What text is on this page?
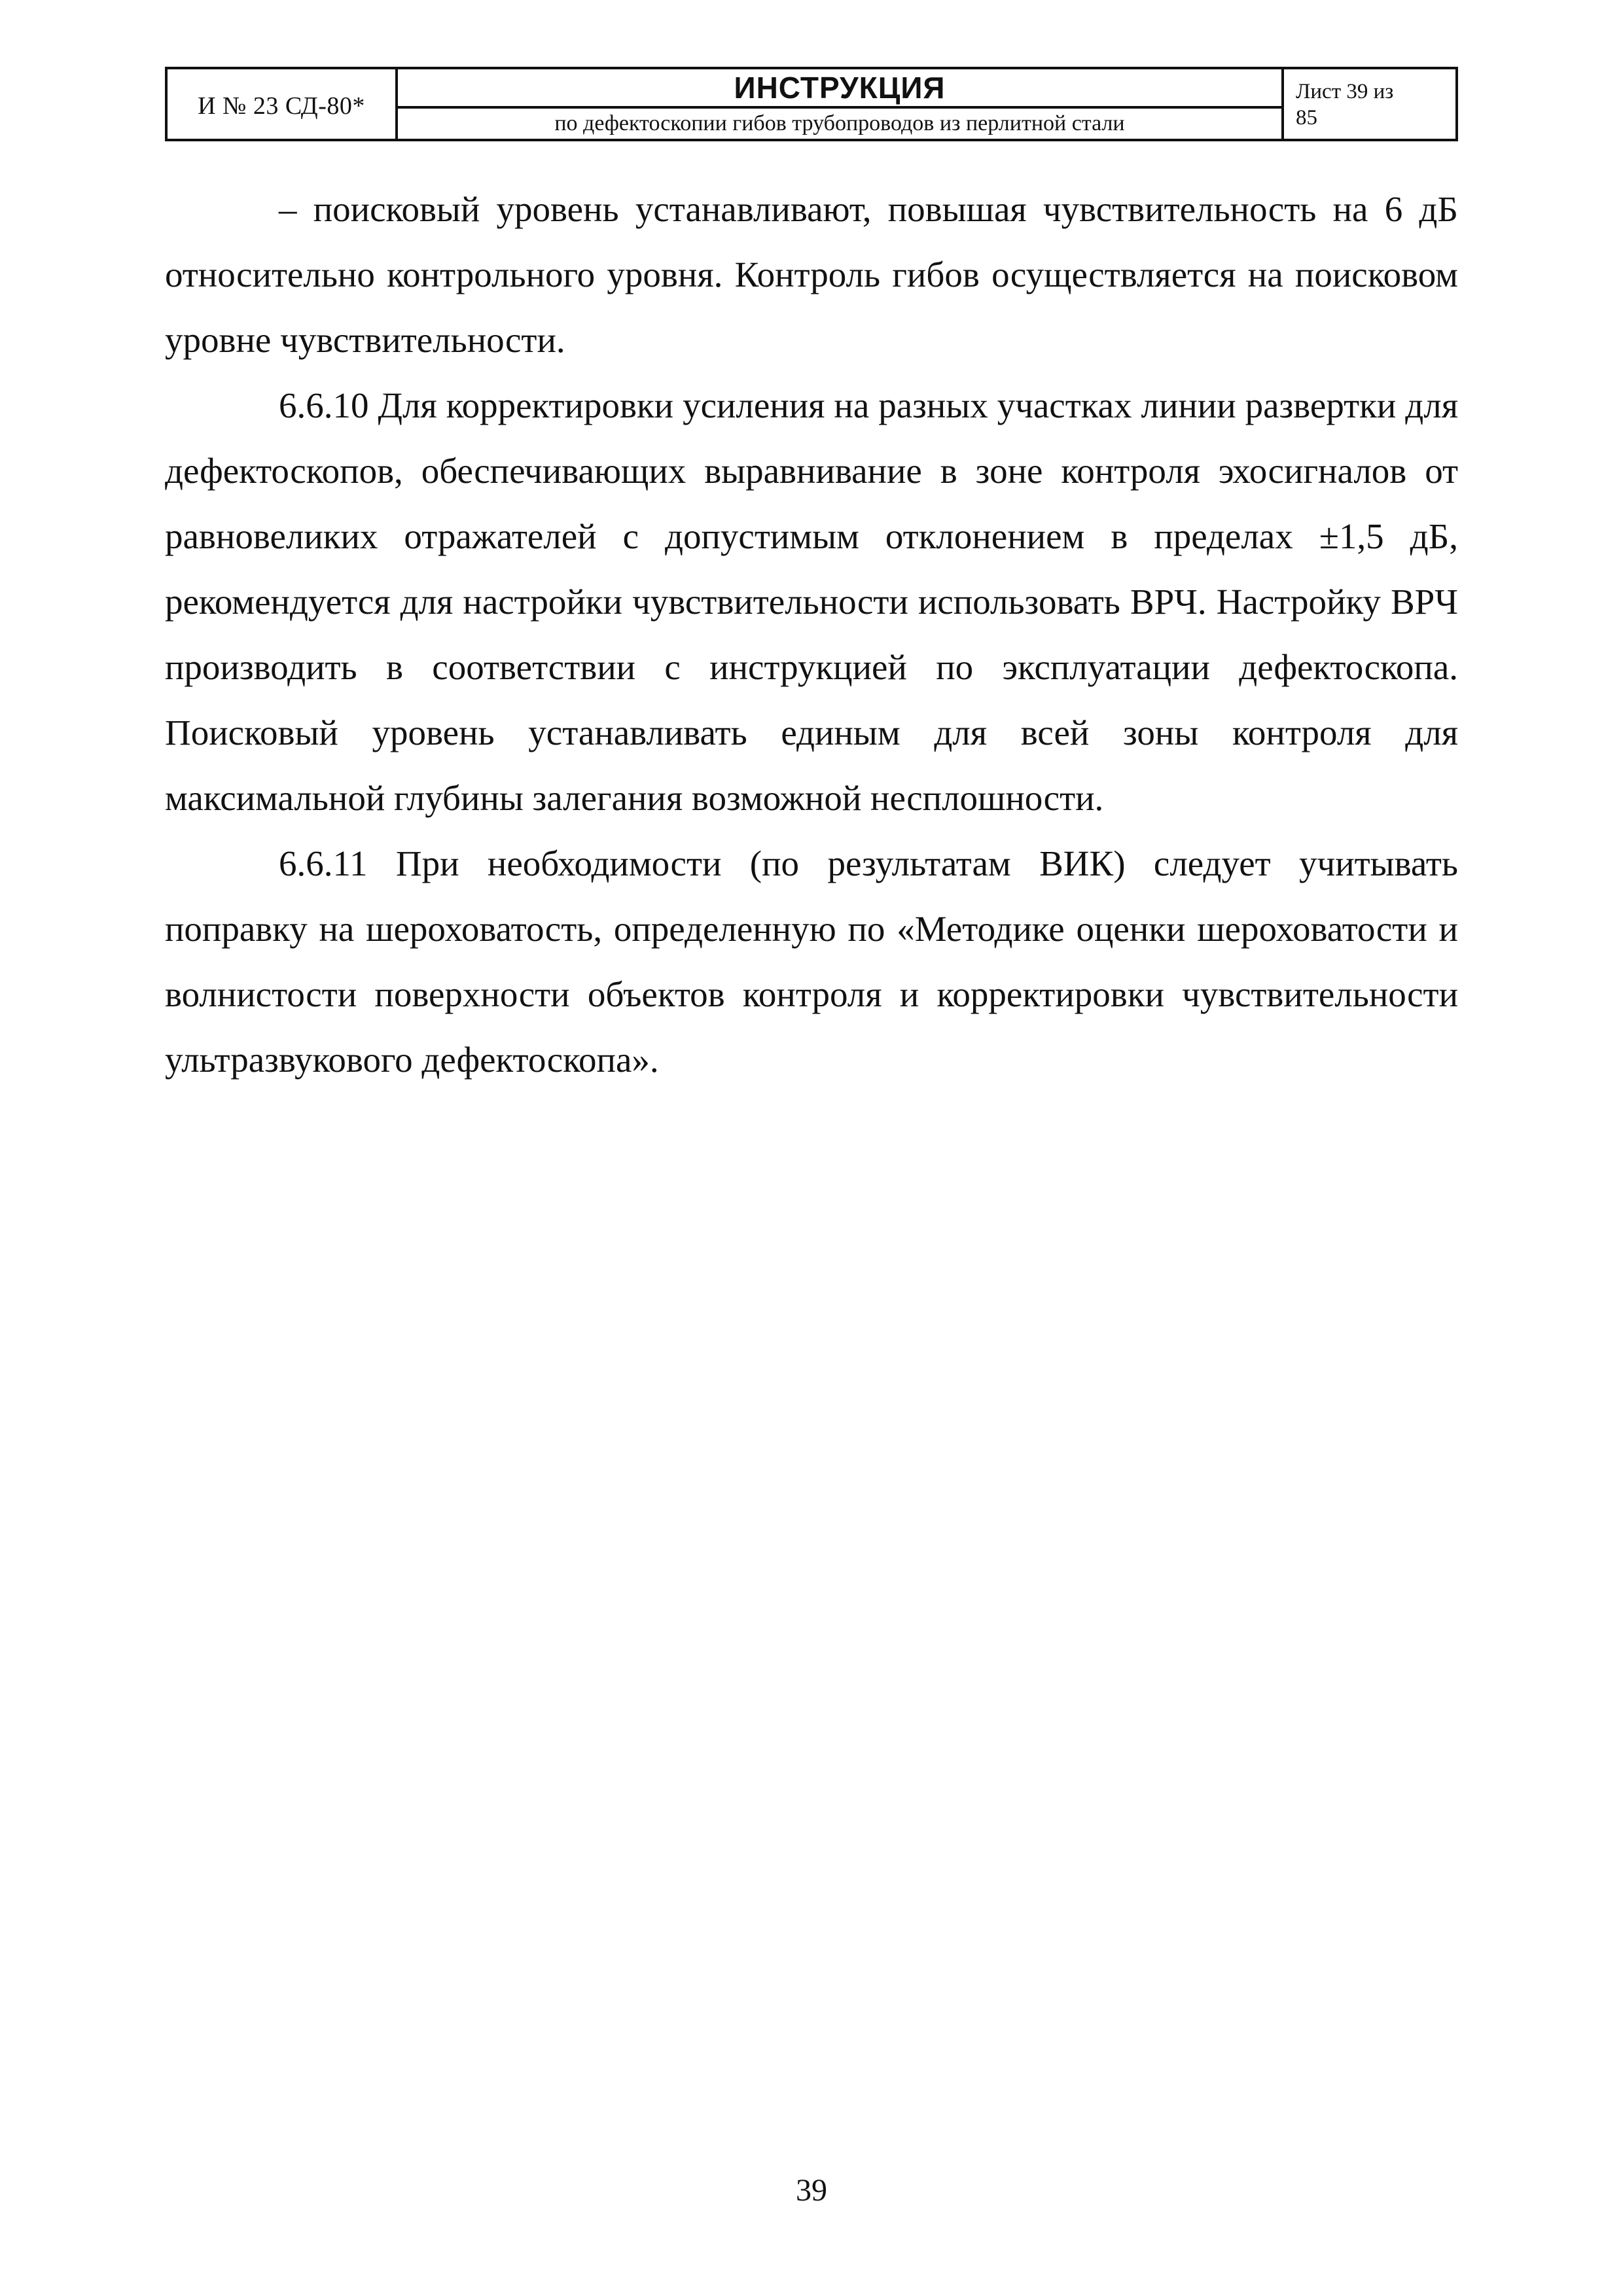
И № 23 СД-80*
ИНСТРУКЦИЯ
по дефектоскопии гибов трубопроводов из перлитной стали
Лист 39 из
85

– поисковый уровень устанавливают, повышая чувствительность на 6 дБ относительно контрольного уровня. Контроль гибов осуществляется на поисковом уровне чувствительности.

6.6.10 Для корректировки усиления на разных участках линии развертки для дефектоскопов, обеспечивающих выравнивание в зоне контроля эхосигналов от равновеликих отражателей с допустимым отклонением в пределах ±1,5 дБ, рекомендуется для настройки чувствительности использовать ВРЧ. Настройку ВРЧ производить в соответствии с инструкцией по эксплуатации дефектоскопа. Поисковый уровень устанавливать единым для всей зоны контроля для максимальной глубины залегания возможной несплошности.

6.6.11 При необходимости (по результатам ВИК) следует учитывать поправку на шероховатость, определенную по «Методике оценки шероховатости и волнистости поверхности объектов контроля и корректировки чувствительности ультразвукового дефектоскопа».

39
